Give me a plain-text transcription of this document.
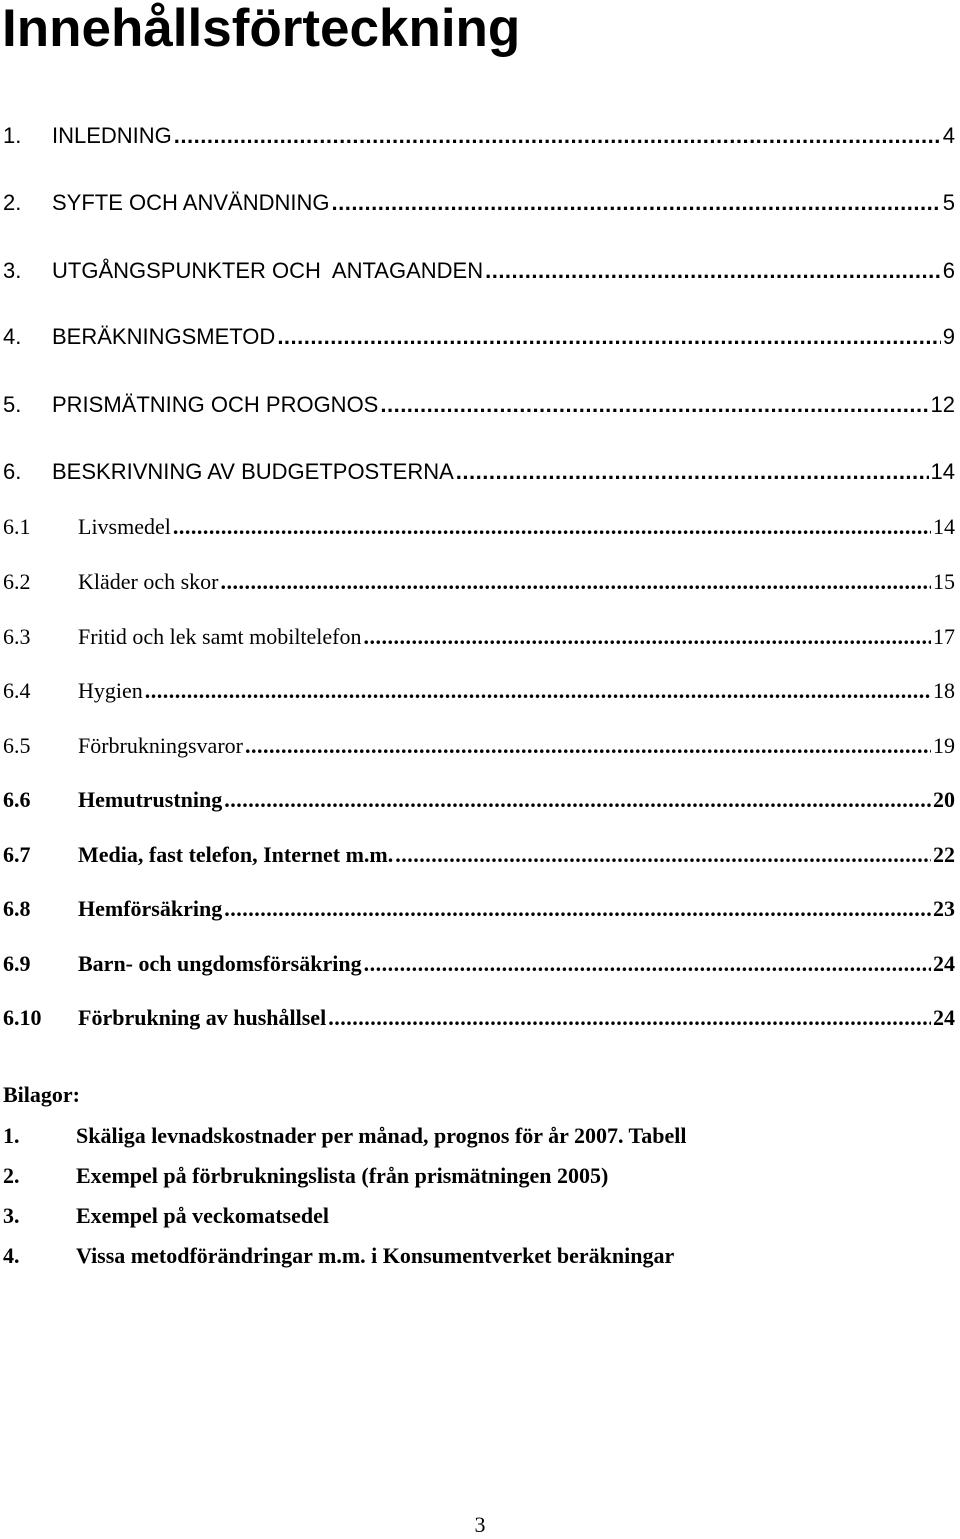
Innehållsförteckning
1.	INLEDNING .....	4
2.	SYFTE OCH ANVÄNDNING .....	5
3.	UTGÅNGSPUNKTER OCH  ANTAGANDEN .....	6
4.	BERÄKNINGSMETOD .....	9
5.	PRISMÄTNING OCH PROGNOS .....	12
6.	BESKRIVNING AV BUDGETPOSTERNA .....	14
6.1	Livsmedel .....	14
6.2	Kläder och skor .....	15
6.3	Fritid och lek samt mobiltelefon .....	17
6.4	Hygien .....	18
6.5	Förbrukningsvaror .....	19
6.6	Hemutrustning .....	20
6.7	Media, fast telefon, Internet m.m. .....	22
6.8	Hemförsäkring .....	23
6.9	Barn- och ungdomsförsäkring .....	24
6.10	Förbrukning av hushållsel .....	24
Bilagor:
1.	Skäliga levnadskostnader per månad, prognos för år 2007. Tabell
2.	Exempel på förbrukningslista (från prismätningen 2005)
3.	Exempel på veckomatsedel
4.	Vissa metodförändringar m.m. i Konsumentverket beräkningar
3
